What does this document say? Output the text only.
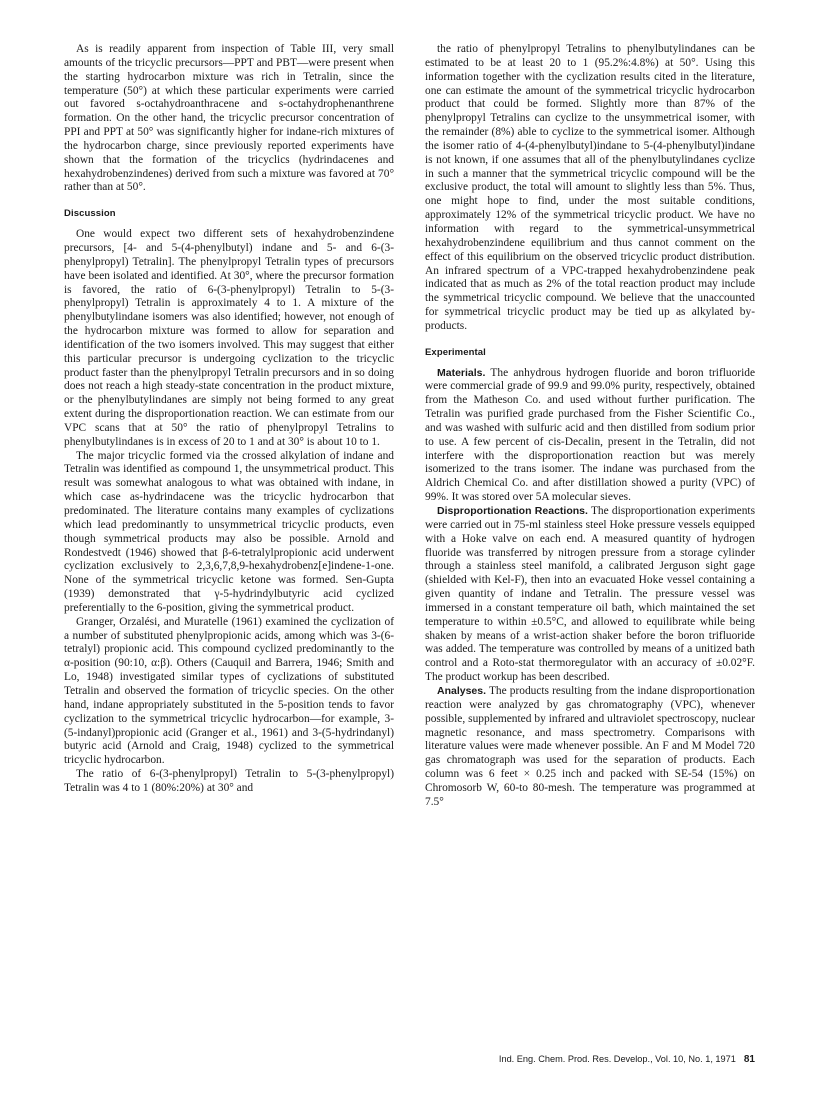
As is readily apparent from inspection of Table III, very small amounts of the tricyclic precursors—PPT and PBT—were present when the starting hydrocarbon mixture was rich in Tetralin, since the temperature (50°) at which these particular experiments were carried out favored s-octahydroanthracene and s-octahydrophenanthrene formation. On the other hand, the tricyclic precursor concentration of PPI and PPT at 50° was significantly higher for indane-rich mixtures of the hydrocarbon charge, since previously reported experiments have shown that the formation of the tricyclics (hydrindacenes and hexahydrobenzindenes) derived from such a mixture was favored at 70° rather than at 50°.

Discussion

One would expect two different sets of hexahydrobenzindene precursors, [4- and 5-(4-phenylbutyl) indane and 5- and 6-(3-phenylpropyl) Tetralin]. The phenylpropyl Tetralin types of precursors have been isolated and identified. At 30°, where the precursor formation is favored, the ratio of 6-(3-phenylpropyl) Tetralin to 5-(3-phenylpropyl) Tetralin is approximately 4 to 1. A mixture of the phenylbutylindane isomers was also identified; however, not enough of the hydrocarbon mixture was formed to allow for separation and identification of the two isomers involved. This may suggest that either this particular precursor is undergoing cyclization to the tricyclic product faster than the phenylpropyl Tetralin precursors and in so doing does not reach a high steady-state concentration in the product mixture, or the phenylbutylindanes are simply not being formed to any great extent during the disproportionation reaction. We can estimate from our VPC scans that at 50° the ratio of phenylpropyl Tetralins to phenylbutylindanes is in excess of 20 to 1 and at 30° is about 10 to 1.

The major tricyclic formed via the crossed alkylation of indane and Tetralin was identified as compound 1, the unsymmetrical product. This result was somewhat analogous to what was obtained with indane, in which case as-hydrindacene was the tricyclic hydrocarbon that predominated. The literature contains many examples of cyclizations which lead predominantly to unsymmetrical tricyclic products, even though symmetrical products may also be possible. Arnold and Rondestvedt (1946) showed that β-6-tetralylpropionic acid underwent cyclization exclusively to 2,3,6,7,8,9-hexahydrobenz[e]indene-1-one. None of the symmetrical tricyclic ketone was formed. Sen-Gupta (1939) demonstrated that γ-5-hydrindylbutyric acid cyclized preferentially to the 6-position, giving the symmetrical product.

Granger, Orzalési, and Muratelle (1961) examined the cyclization of a number of substituted phenylpropionic acids, among which was 3-(6-tetralyl) propionic acid. This compound cyclized predominantly to the α-position (90:10, α:β). Others (Cauquil and Barrera, 1946; Smith and Lo, 1948) investigated similar types of cyclizations of substituted Tetralin and observed the formation of tricyclic species. On the other hand, indane appropriately substituted in the 5-position tends to favor cyclization to the symmetrical tricyclic hydrocarbon—for example, 3-(5-indanyl)propionic acid (Granger et al., 1961) and 3-(5-hydrindanyl) butyric acid (Arnold and Craig, 1948) cyclized to the symmetrical tricyclic hydrocarbon.

The ratio of 6-(3-phenylpropyl) Tetralin to 5-(3-phenylpropyl) Tetralin was 4 to 1 (80%:20%) at 30° and

the ratio of phenylpropyl Tetralins to phenylbutylindanes can be estimated to be at least 20 to 1 (95.2%:4.8%) at 50°. Using this information together with the cyclization results cited in the literature, one can estimate the amount of the symmetrical tricyclic hydrocarbon product that could be formed. Slightly more than 87% of the phenylpropyl Tetralins can cyclize to the unsymmetrical isomer, with the remainder (8%) able to cyclize to the symmetrical isomer. Although the isomer ratio of 4-(4-phenylbutyl)indane to 5-(4-phenylbutyl)indane is not known, if one assumes that all of the phenylbutylindanes cyclize in such a manner that the symmetrical tricyclic compound will be the exclusive product, the total will amount to slightly less than 5%. Thus, one might hope to find, under the most suitable conditions, approximately 12% of the symmetrical tricyclic product. We have no information with regard to the symmetrical-unsymmetrical hexahydrobenzindene equilibrium and thus cannot comment on the effect of this equilibrium on the observed tricyclic product distribution. An infrared spectrum of a VPC-trapped hexahydrobenzindene peak indicated that as much as 2% of the total reaction product may include the symmetrical tricyclic compound. We believe that the unaccounted for symmetrical tricyclic product may be tied up as alkylated by-products.

Experimental

Materials. The anhydrous hydrogen fluoride and boron trifluoride were commercial grade of 99.9 and 99.0% purity, respectively, obtained from the Matheson Co. and used without further purification. The Tetralin was purified grade purchased from the Fisher Scientific Co., and was washed with sulfuric acid and then distilled from sodium prior to use. A few percent of cis-Decalin, present in the Tetralin, did not interfere with the disproportionation reaction but was merely isomerized to the trans isomer. The indane was purchased from the Aldrich Chemical Co. and after distillation showed a purity (VPC) of 99%. It was stored over 5A molecular sieves.

Disproportionation Reactions. The disproportionation experiments were carried out in 75-ml stainless steel Hoke pressure vessels equipped with a Hoke valve on each end. A measured quantity of hydrogen fluoride was transferred by nitrogen pressure from a storage cylinder through a stainless steel manifold, a calibrated Jerguson sight gage (shielded with Kel-F), then into an evacuated Hoke vessel containing a given quantity of indane and Tetralin. The pressure vessel was immersed in a constant temperature oil bath, which maintained the set temperature to within ±0.5°C, and allowed to equilibrate while being shaken by means of a wrist-action shaker before the boron trifluoride was added. The temperature was controlled by means of a unitized bath control and a Roto-stat thermoregulator with an accuracy of ±0.02°F. The product workup has been described.

Analyses. The products resulting from the indane disproportionation reaction were analyzed by gas chromatography (VPC), whenever possible, supplemented by infrared and ultraviolet spectroscopy, nuclear magnetic resonance, and mass spectrometry. Comparisons with literature values were made whenever possible. An F and M Model 720 gas chromatograph was used for the separation of products. Each column was 6 feet × 0.25 inch and packed with SE-54 (15%) on Chromosorb W, 60-to 80-mesh. The temperature was programmed at 7.5°

Ind. Eng. Chem. Prod. Res. Develop., Vol. 10, No. 1, 1971 81
